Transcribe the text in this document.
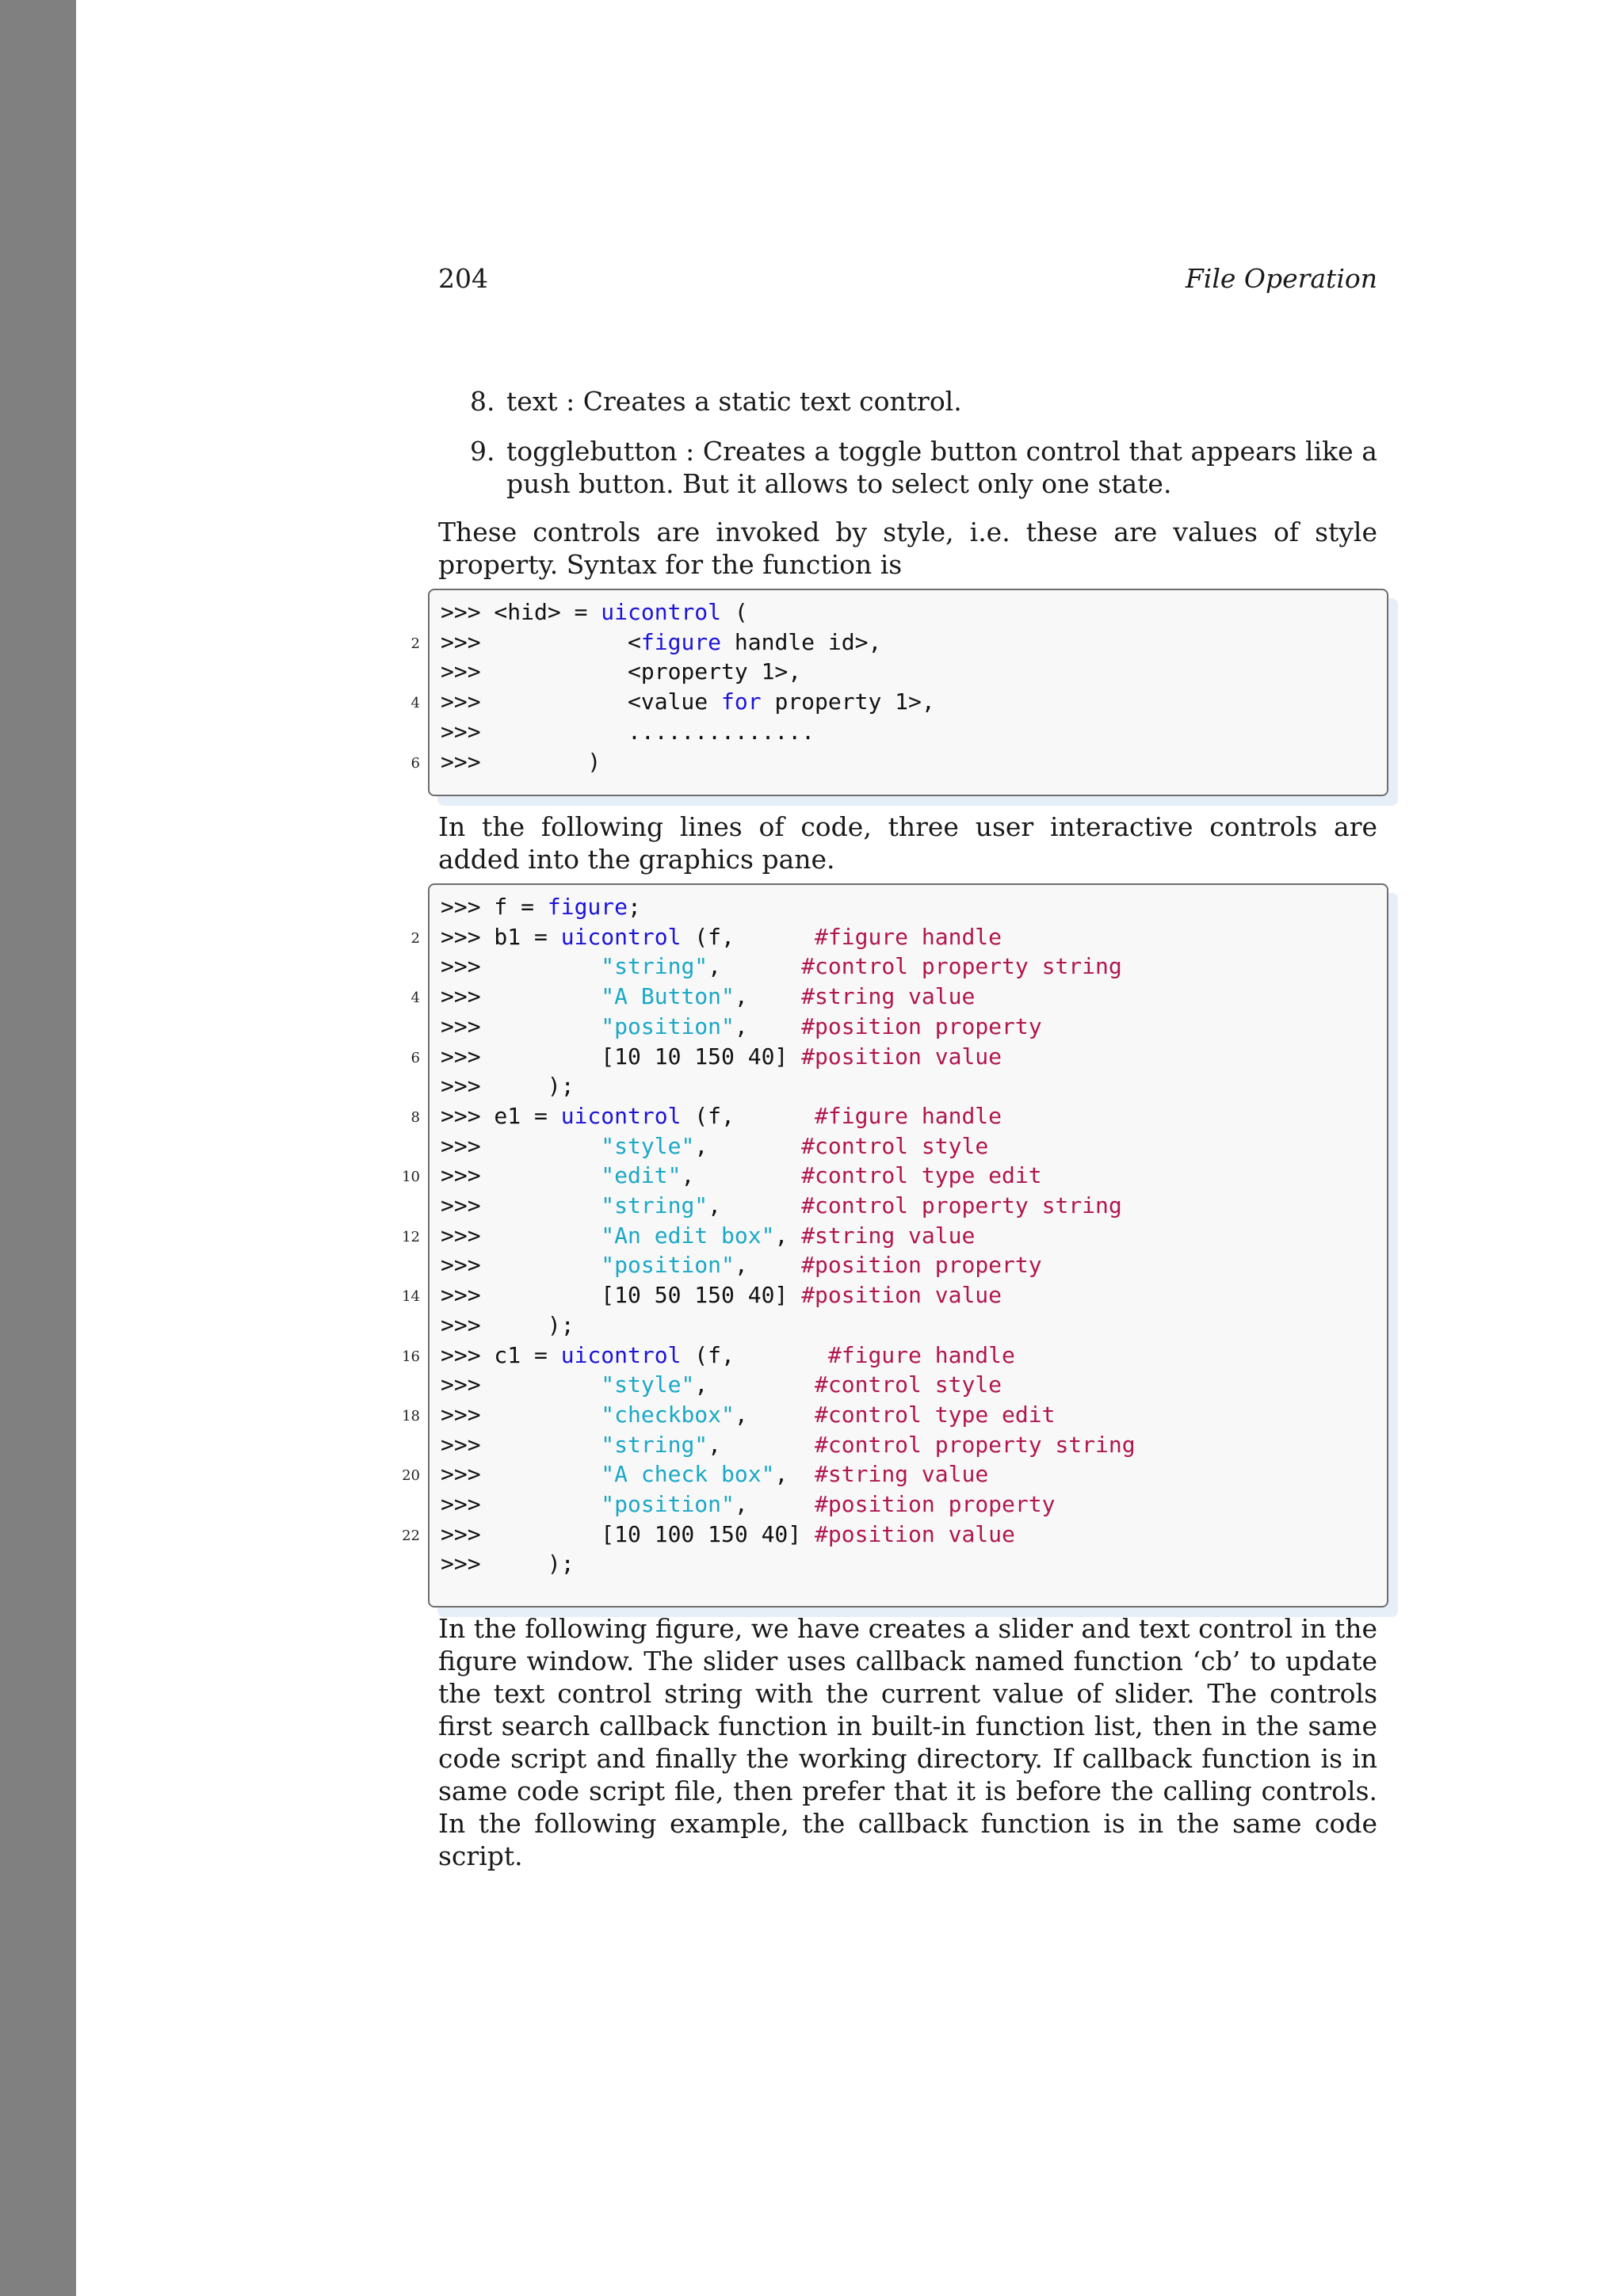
204	File Operation
8. text : Creates a static text control.
9. togglebutton : Creates a toggle button control that appears like a push button. But it allows to select only one state.
These controls are invoked by style, i.e. these are values of style property. Syntax for the function is
>>> <hid> = uicontrol (
>>>           <figure handle id>,
>>>           <property 1>,
>>>           <value for property 1>,
>>>           ..............
>>>        )
2
4
6
In the following lines of code, three user interactive controls are added into the graphics pane.
>>> f = figure;
>>> b1 = uicontrol (f,      #figure handle
>>>         "string",      #control property string
>>>         "A Button",    #string value
>>>         "position",    #position property
>>>         [10 10 150 40] #position value
>>>     );
>>> e1 = uicontrol (f,      #figure handle
>>>         "style",       #control style
>>>         "edit",        #control type edit
>>>         "string",      #control property string
>>>         "An edit box", #string value
>>>         "position",    #position property
>>>         [10 50 150 40] #position value
>>>     );
>>> c1 = uicontrol (f,       #figure handle
>>>         "style",        #control style
>>>         "checkbox",     #control type edit
>>>         "string",       #control property string
>>>         "A check box",  #string value
>>>         "position",     #position property
>>>         [10 100 150 40] #position value
>>>     );
2
4
6
8
10
12
14
16
18
20
22
In the following figure, we have creates a slider and text control in the figure window. The slider uses callback named function ‘cb’ to update the text control string with the current value of slider. The controls first search callback function in built-in function list, then in the same code script and finally the working directory. If callback function is in same code script file, then prefer that it is before the calling controls. In the following example, the callback function is in the same code script.
